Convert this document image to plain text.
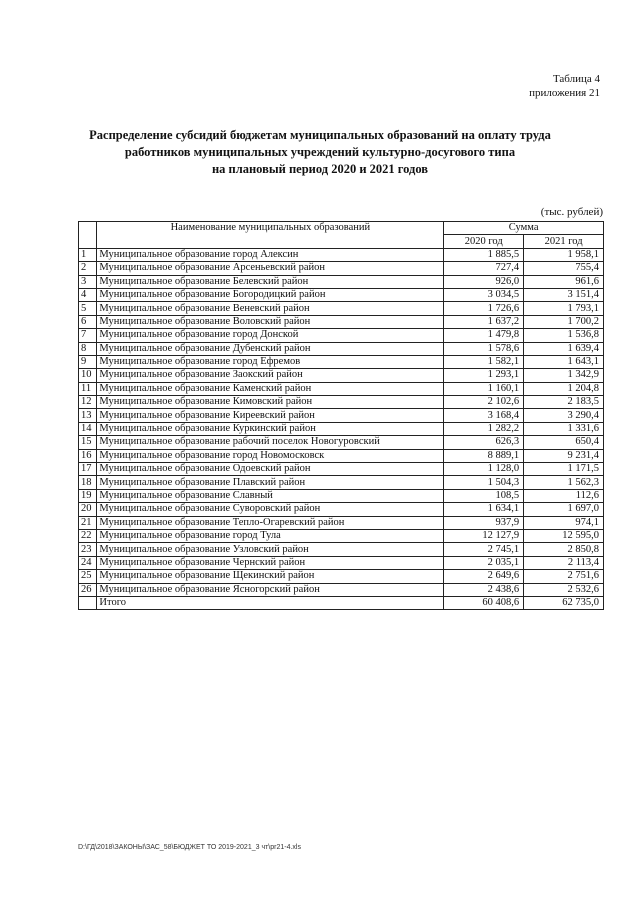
Таблица 4
приложения 21
Распределение субсидий бюджетам муниципальных образований на оплату труда
работников муниципальных учреждений культурно-досугового типа
на плановый период 2020 и 2021 годов
(тыс. рублей)
	Наименование муниципальных образований	Сумма	
		2020 год	2021 год
1	Муниципальное образование город Алексин	1 885,5	1 958,1
2	Муниципальное образование Арсеньевский район	727,4	755,4
3	Муниципальное образование Белевский район	926,0	961,6
4	Муниципальное образование Богородицкий район	3 034,5	3 151,4
5	Муниципальное образование Веневский район	1 726,6	1 793,1
6	Муниципальное образование Воловский район	1 637,2	1 700,2
7	Муниципальное образование город Донской	1 479,8	1 536,8
8	Муниципальное образование Дубенский район	1 578,6	1 639,4
9	Муниципальное образование город Ефремов	1 582,1	1 643,1
10	Муниципальное образование Заокский район	1 293,1	1 342,9
11	Муниципальное образование Каменский район	1 160,1	1 204,8
12	Муниципальное образование Кимовский район	2 102,6	2 183,5
13	Муниципальное образование Киреевский район	3 168,4	3 290,4
14	Муниципальное образование Куркинский район	1 282,2	1 331,6
15	Муниципальное образование рабочий поселок Новогуровский	626,3	650,4
16	Муниципальное образование город Новомосковск	8 889,1	9 231,4
17	Муниципальное образование Одоевский район	1 128,0	1 171,5
18	Муниципальное образование Плавский район	1 504,3	1 562,3
19	Муниципальное образование Славный	108,5	112,6
20	Муниципальное образование Суворовский район	1 634,1	1 697,0
21	Муниципальное образование Тепло-Огаревский район	937,9	974,1
22	Муниципальное образование город Тула	12 127,9	12 595,0
23	Муниципальное образование Узловский район	2 745,1	2 850,8
24	Муниципальное образование Чернский район	2 035,1	2 113,4
25	Муниципальное образование Щекинский район	2 649,6	2 751,6
26	Муниципальное образование Ясногорский район	2 438,6	2 532,6
	Итого	60 408,6	62 735,0
D:\ГД\2018\ЗАКОНЫ\ЗАС_58\БЮДЖЕТ ТО 2019-2021_3 чт\pr21-4.xls
